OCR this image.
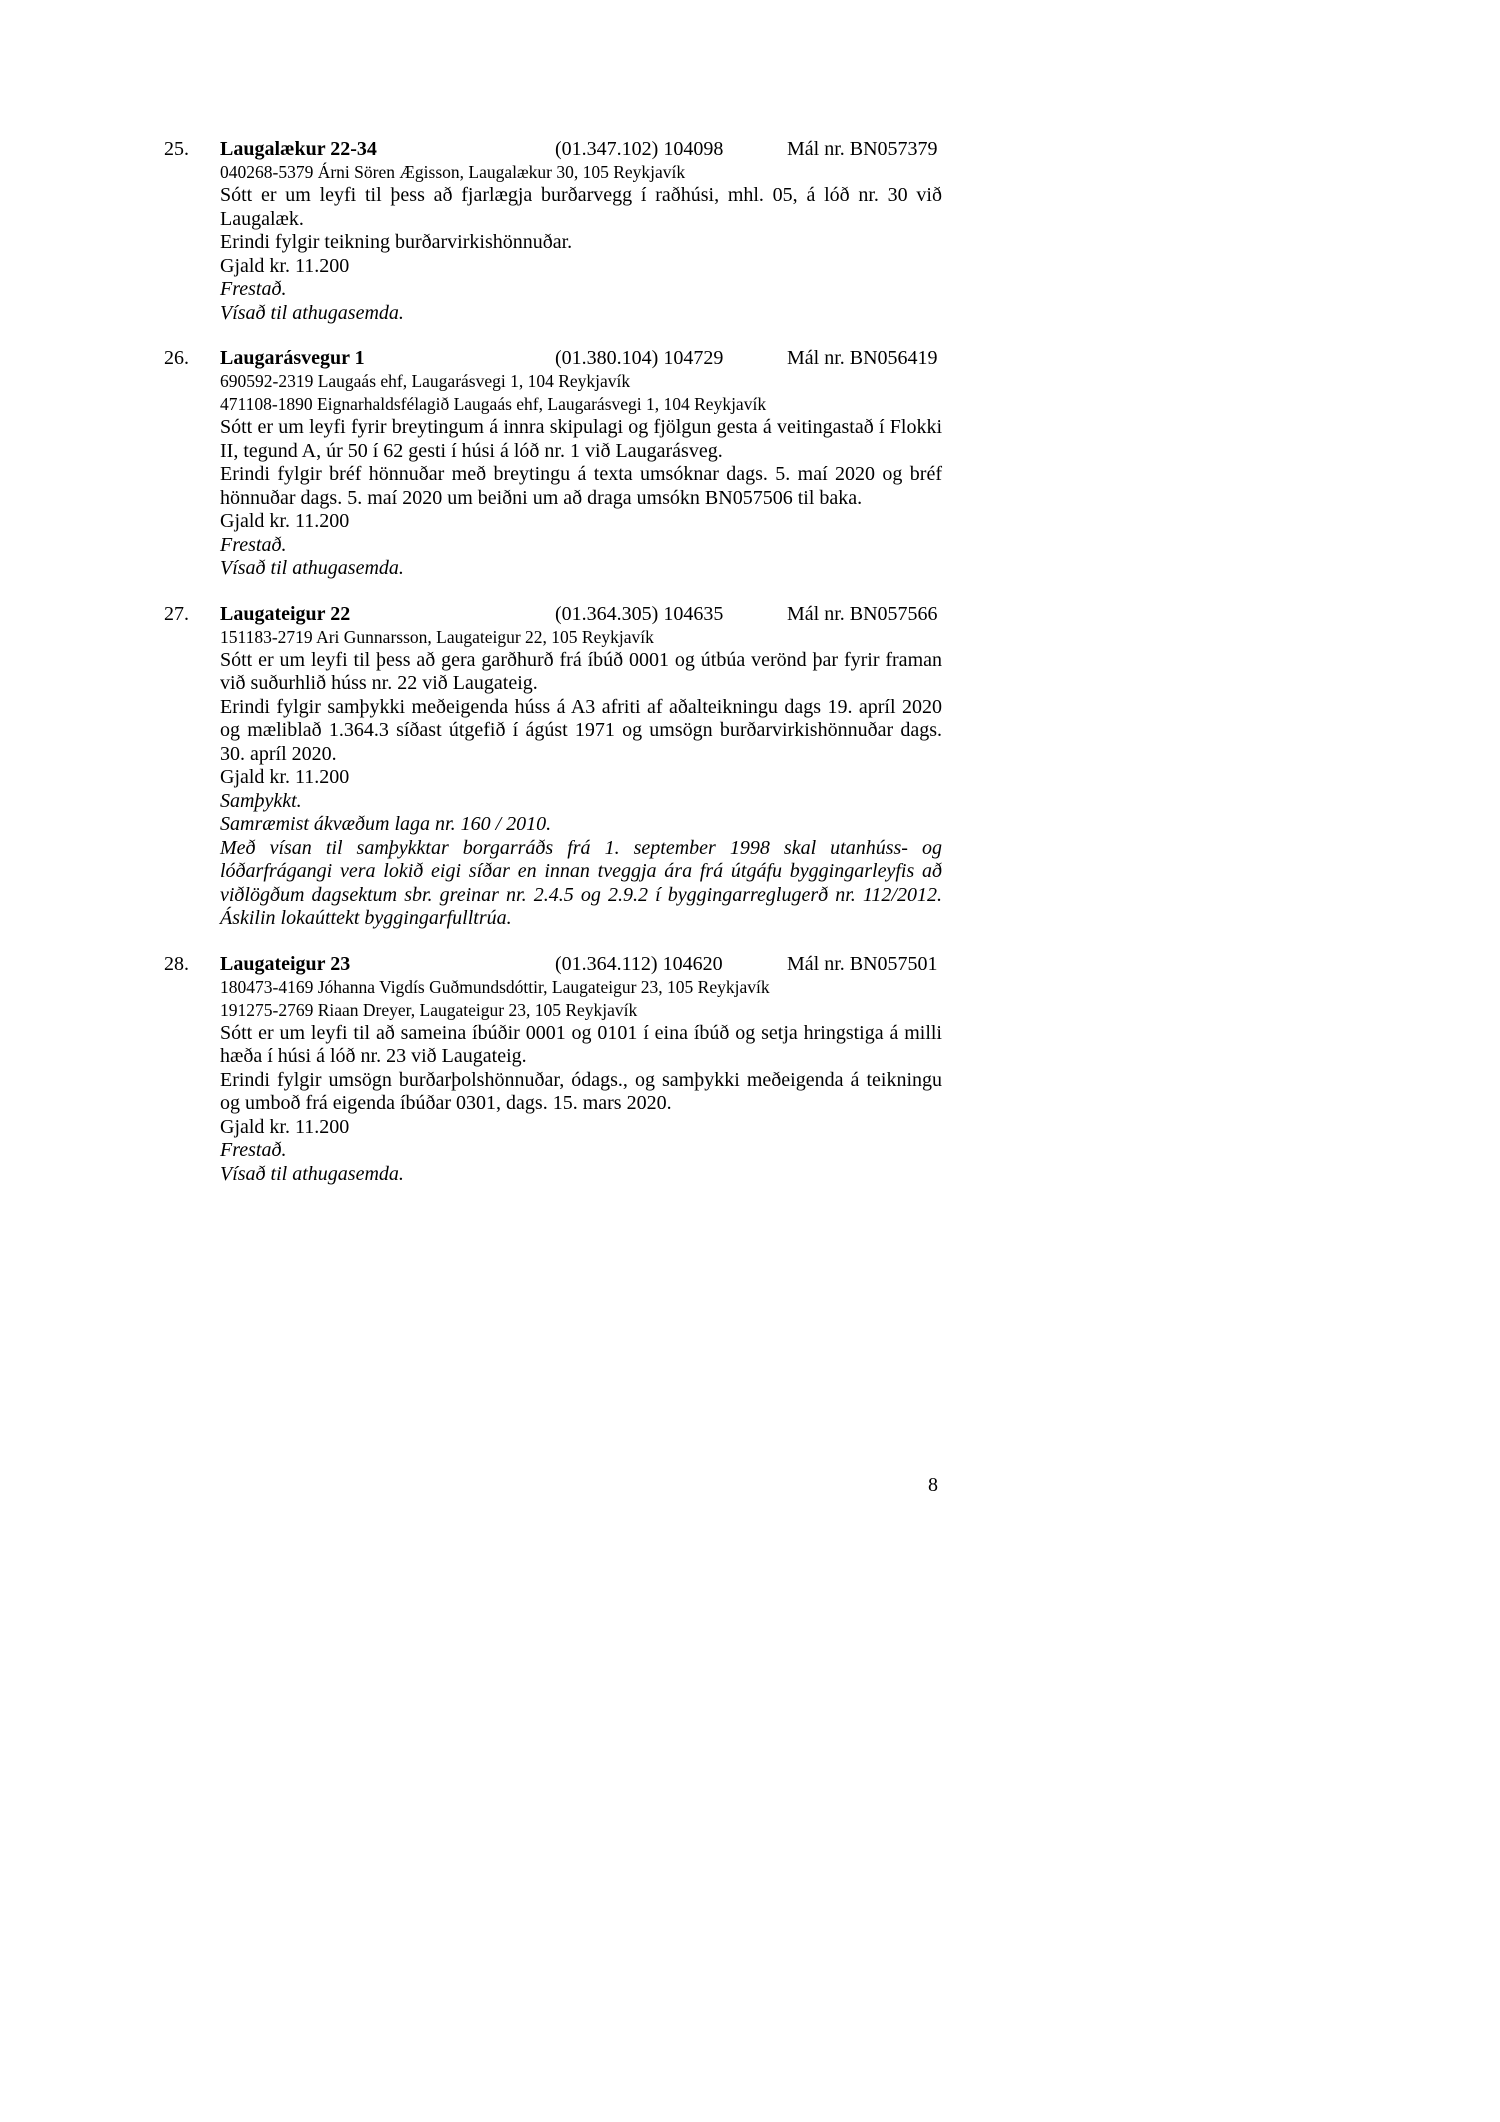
25. Laugalækur 22-34	(01.347.102) 104098	Mál nr. BN057379
040268-5379 Árni Sören Ægisson, Laugalækur 30, 105 Reykjavík
Sótt er um leyfi til þess að fjarlægja burðarvegg í raðhúsi, mhl. 05, á lóð nr. 30 við Laugalæk.
Erindi fylgir teikning burðarvirkishönnuðar.
Gjald kr. 11.200
Frestað.
Vísað til athugasemda.
26. Laugarásvegur 1	(01.380.104) 104729	Mál nr. BN056419
690592-2319 Laugaás ehf, Laugarásvegi 1, 104 Reykjavík
471108-1890 Eignarhaldsfélagið Laugaás ehf, Laugarásvegi 1, 104 Reykjavík
Sótt er um leyfi fyrir breytingum á innra skipulagi og fjölgun gesta á veitingastað í Flokki II, tegund A, úr 50 í 62 gesti í húsi á lóð nr. 1 við Laugarásveg.
Erindi fylgir bréf hönnuðar með breytingu á texta umsóknar dags. 5. maí 2020 og bréf hönnuðar dags. 5. maí 2020 um beiðni um að draga umsókn BN057506 til baka.
Gjald kr. 11.200
Frestað.
Vísað til athugasemda.
27. Laugateigur 22	(01.364.305) 104635	Mál nr. BN057566
151183-2719 Ari Gunnarsson, Laugateigur 22, 105 Reykjavík
Sótt er um leyfi til þess að gera garðhurð frá íbúð 0001 og útbúa verönd þar fyrir framan við suðurhlið húss nr. 22 við Laugateig.
Erindi fylgir samþykki meðeigenda húss á A3 afriti af aðalteikningu dags 19. apríl 2020 og mæliblað 1.364.3 síðast útgefið í ágúst 1971 og umsögn burðarvirkishönnuðar dags. 30. apríl 2020.
Gjald kr. 11.200
Samþykkt.
Samræmist ákvæðum laga nr. 160 / 2010.
Með vísan til samþykktar borgarráðs frá 1. september 1998 skal utanhúss- og lóðarfrágangi vera lokið eigi síðar en innan tveggja ára frá útgáfu byggingarleyfis að viðlögðum dagsektum sbr. greinar nr. 2.4.5 og 2.9.2 í byggingarreglugerð nr. 112/2012. Áskilin lokaúttekt byggingarfulltrúa.
28. Laugateigur 23	(01.364.112) 104620	Mál nr. BN057501
180473-4169 Jóhanna Vigdís Guðmundsdóttir, Laugateigur 23, 105 Reykjavík
191275-2769 Riaan Dreyer, Laugateigur 23, 105 Reykjavík
Sótt er um leyfi til að sameina íbúðir 0001 og 0101 í eina íbúð og setja hringstiga á milli hæða í húsi á lóð nr. 23 við Laugateig.
Erindi fylgir umsögn burðarþolshönnuðar, ódags., og samþykki meðeigenda á teikningu og umboð frá eigenda íbúðar 0301, dags. 15. mars 2020.
Gjald kr. 11.200
Frestað.
Vísað til athugasemda.
8
